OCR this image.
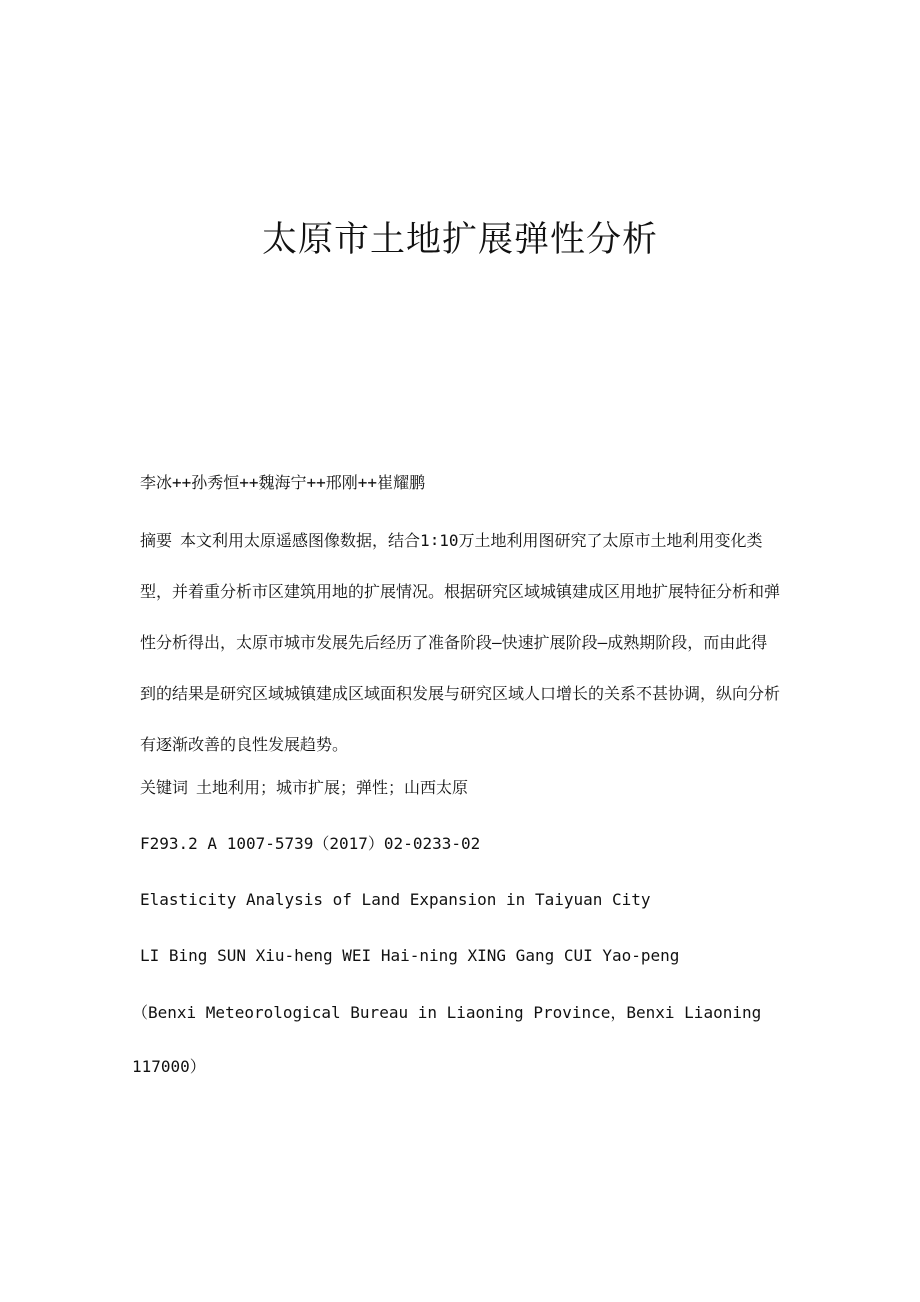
太原市土地扩展弹性分析

李冰++孙秀恒++魏海宁++邢刚++崔耀鹏

摘要 本文利用太原遥感图像数据，结合1∶10万土地利用图研究了太原市土地利用变化类型，并着重分析市区建筑用地的扩展情况。根据研究区域城镇建成区用地扩展特征分析和弹性分析得出，太原市城市发展先后经历了准备阶段—快速扩展阶段—成熟期阶段，而由此得到的结果是研究区域城镇建成区域面积发展与研究区域人口增长的关系不甚协调，纵向分析有逐渐改善的良性发展趋势。

关键词 土地利用；城市扩展；弹性；山西太原

F293.2 A 1007-5739（2017）02-0233-02

Elasticity Analysis of Land Expansion in Taiyuan City

LI Bing SUN Xiu-heng WEI Hai-ning XING Gang CUI Yao-peng

（Benxi Meteorological Bureau in Liaoning Province，Benxi Liaoning 117000）
